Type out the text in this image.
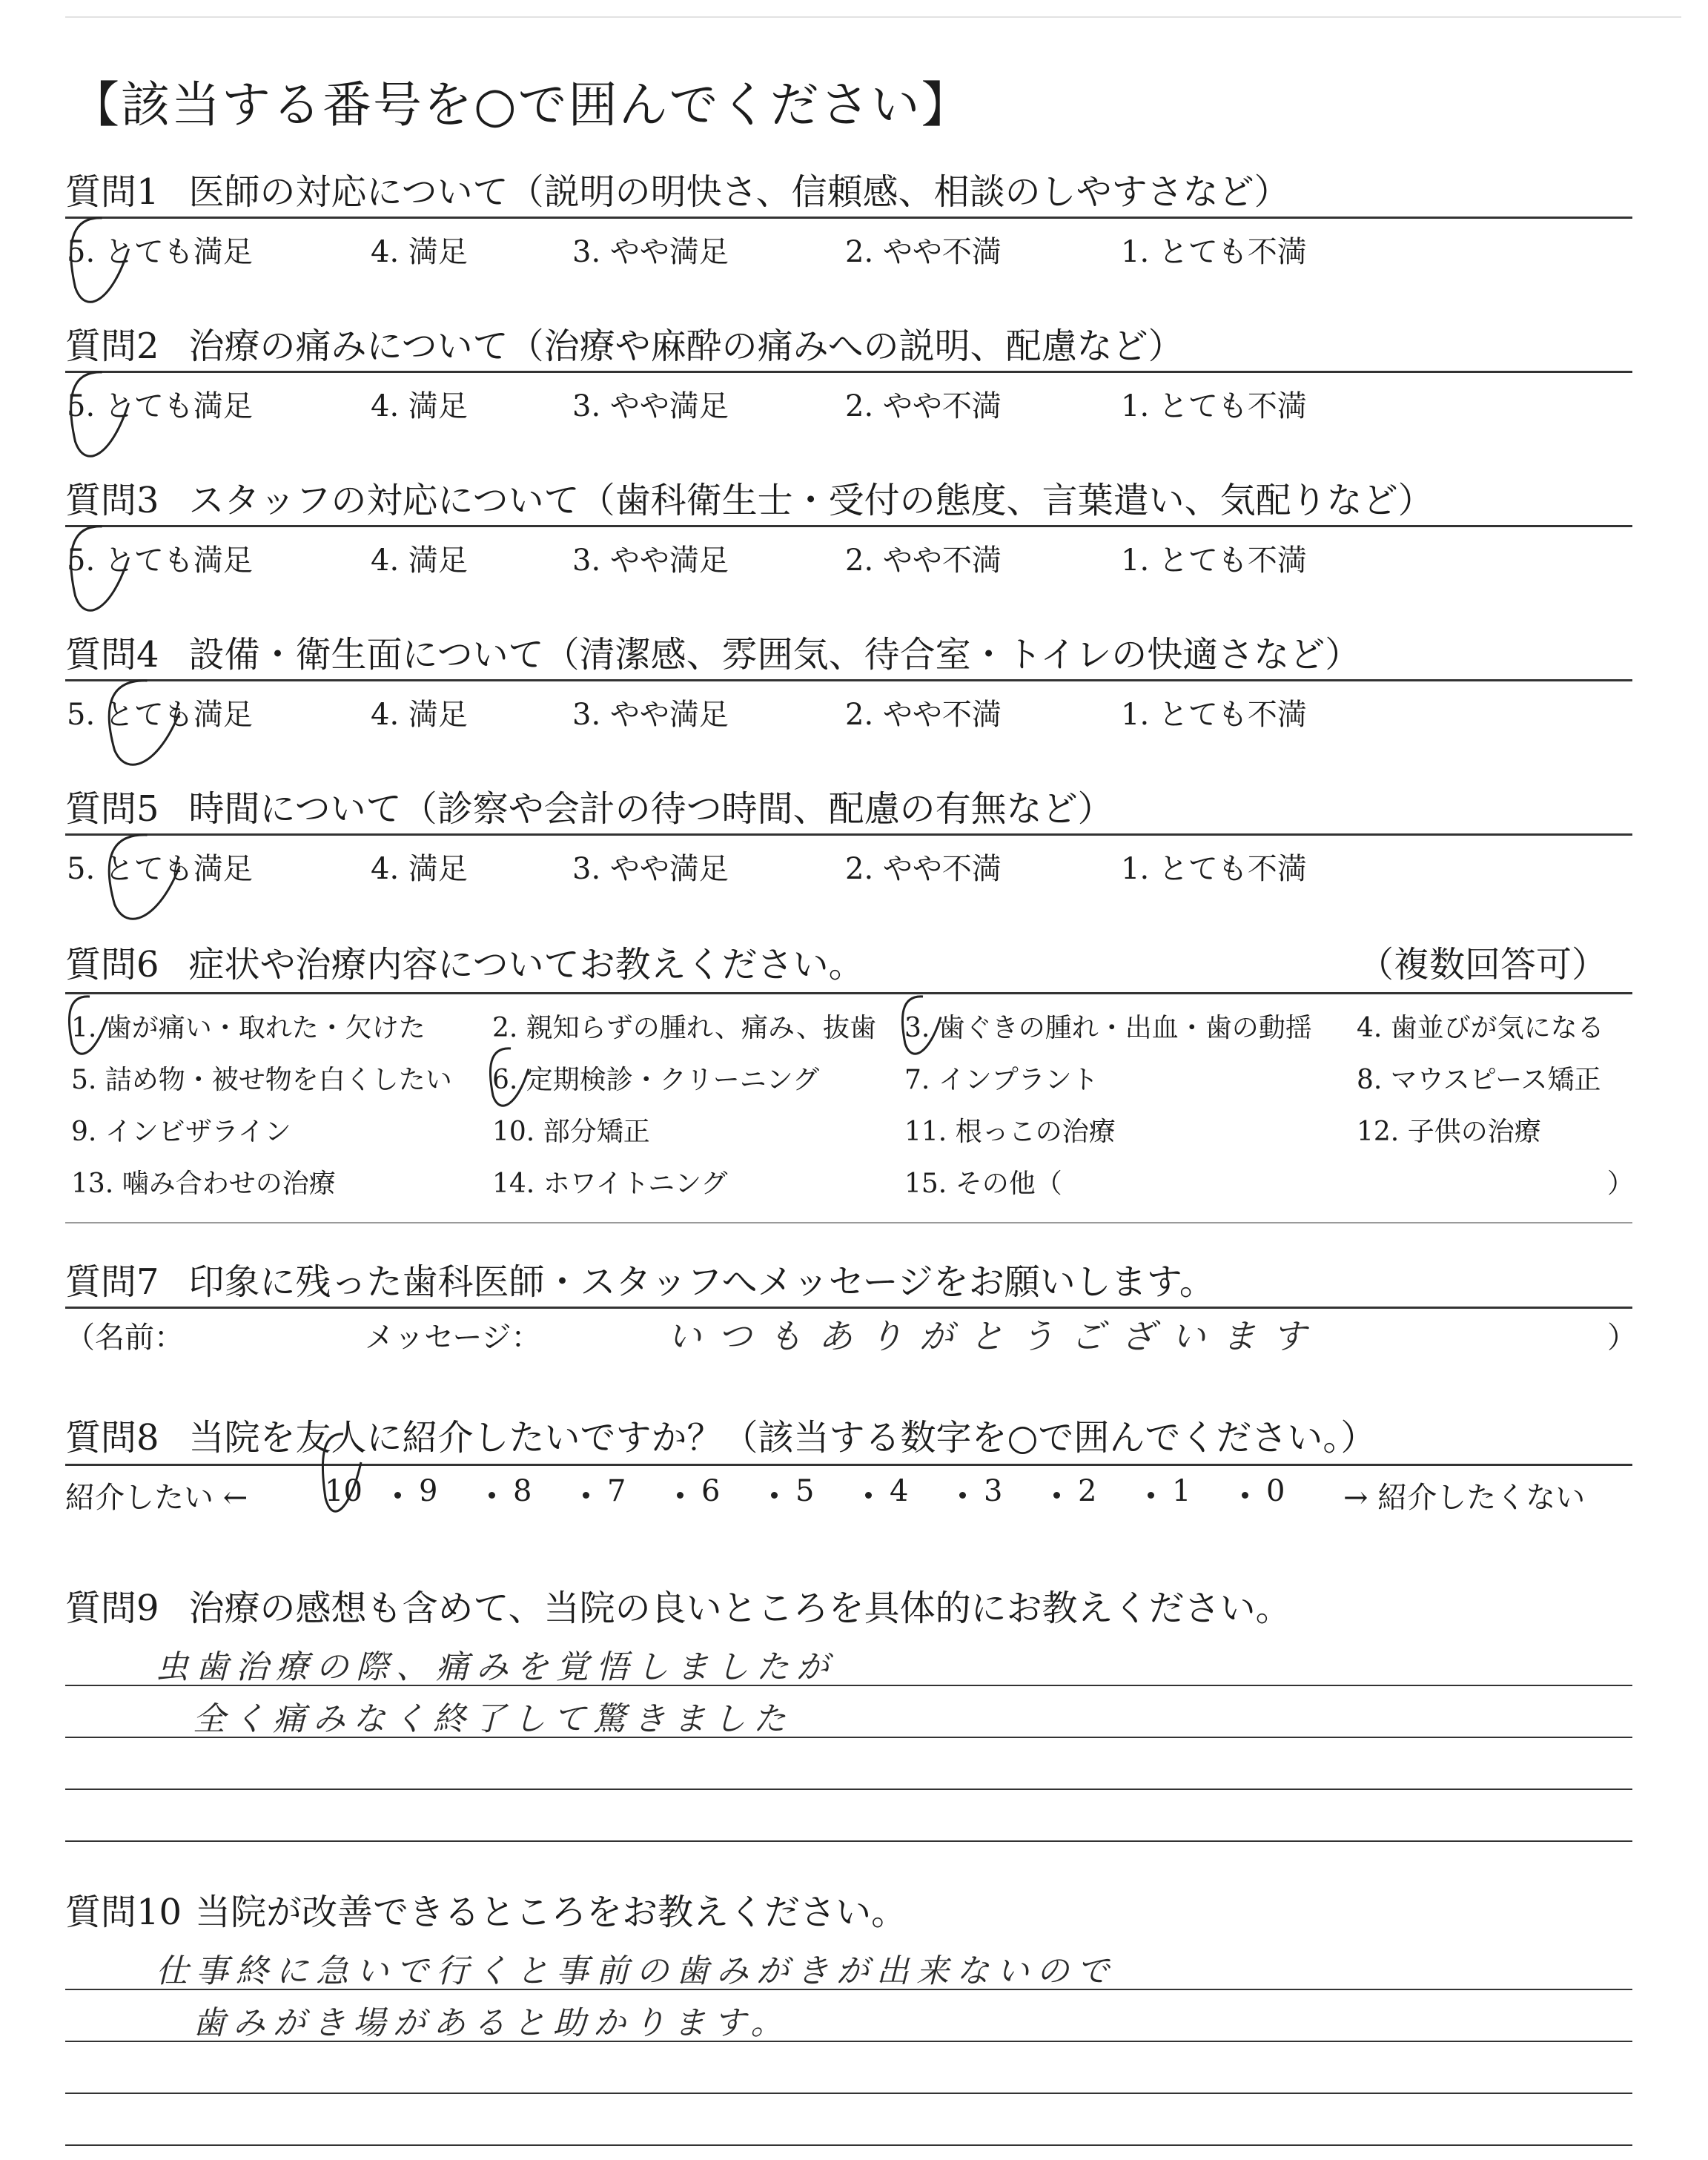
【該当する番号を○で囲んでください】
質問1 医師の対応について（説明の明快さ、信頼感、相談のしやすさなど）
5. とても満足	4. 満足	3. やや満足	2. やや不満	1. とても不満
質問2 治療の痛みについて（治療や麻酔の痛みへの説明、配慮など）
5. とても満足	4. 満足	3. やや満足	2. やや不満	1. とても不満
質問3 スタッフの対応について（歯科衛生士・受付の態度、言葉遣い、気配りなど）
5. とても満足	4. 満足	3. やや満足	2. やや不満	1. とても不満
質問4 設備・衛生面について（清潔感、雰囲気、待合室・トイレの快適さなど）
5. とても満足	4. 満足	3. やや満足	2. やや不満	1. とても不満
質問5 時間について（診察や会計の待つ時間、配慮の有無など）
5. とても満足	4. 満足	3. やや満足	2. やや不満	1. とても不満
質問6 症状や治療内容についてお教えください。	（複数回答可）
1. 歯が痛い・取れた・欠けた	2. 親知らずの腫れ、痛み、抜歯 3. 歯ぐきの腫れ・出血・歯の動揺 4. 歯並びが気になる
5. 詰め物・被せ物を白くしたい 6. 定期検診・クリーニング	7. インプラント	8. マウスピース矯正
9. インビザライン	10. 部分矯正	11. 根っこの治療	12. 子供の治療
13. 噛み合わせの治療	14. ホワイトニング	15. その他（	）
質問7 印象に残った歯科医師・スタッフへメッセージをお願いします。
（名前：	メッセージ：	いつもありがとうございます	）
質問8 当院を友人に紹介したいですか？（該当する数字を○で囲んでください。）
紹介したい ←	10 9	8	7	6	5	4	3	2	1	0 → 紹介したくない
質問9 治療の感想も含めて、当院の良いところを具体的にお教えください。
虫歯治療の際、痛みを覚悟しましたが
全く痛みなく終了して驚きました
質問10 当院が改善できるところをお教えください。
仕事終に急いで行くと事前の歯みがきが出来ないので
歯みがき場があると助かります。
